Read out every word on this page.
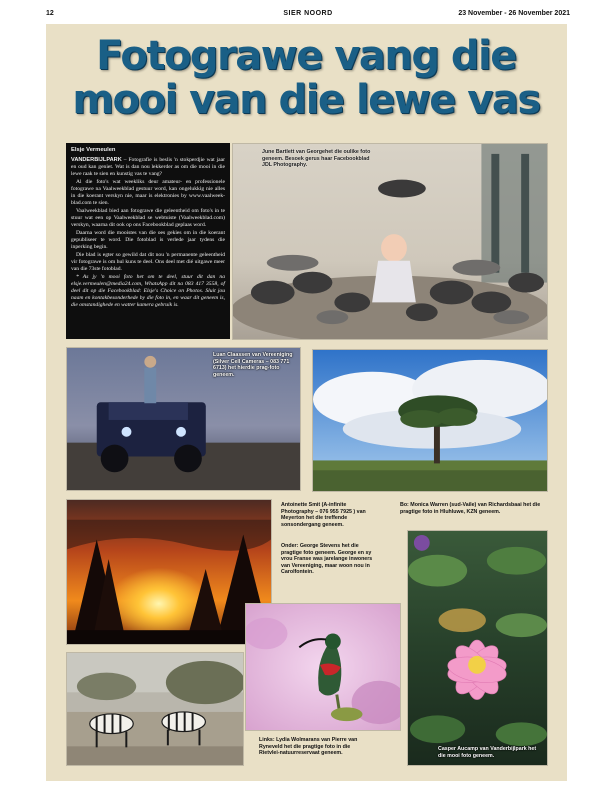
12	SIER NOORD	23 November - 26 November 2021
Fotograwe vang die
mooi van die lewe vas
Elsje Vermeulen

VANDERBIJLPARK – Fotografie is beslis 'n stokperdjie wat jaar en oud kan geniet. Wat is dan nou lekkerder as om die mooi in die lewe raak te sien en kunstig vas te vang?

Al die foto's wat weekliks deur amateur- en professionele fotograwe na Vaalweekblad gestuur word, kan ongelukkig nie alles in die koerant verskyn nie, maar is elektronies by www.vaalweek-blad.com te sien.

Vaalweekblad bied aan fotograwe die geleentheid om foto's in te stuur wat een op Vaalweekblad se webtuiste (Vaalweekblad.com) verskyn, waarna dit ook op ons Facebookblad geplaas word.

Daarna word die mooistes van die oes gekies om in die koerant gepubliseer te word. Die fotoblad is verlede jaar tydens die inperking begin.

Die blad is egter so gewild dat dit nou 'n permanente geleentheid vir fotograwe is om hul kuns te deel. Ons deel met dié uitgawe meer van die 73ste fotoblad.

* As jy 'n mooi foto het om te deel, stuur dit dan na elsje.vermeulen@media24.com, WhatsApp dit na 083 417 3558, of deel dit op die Facebookblad: Elsje's Choice on Photos. Sluit jou naam en kontakbesonderhede by die foto in, en waar dit geneem is, die omstandighede en watter kamera gebruik is.

June Bartlett van Georgehet die oulike foto geneem. Besoek gerus haar Facebookblad JDL Photography.
Luan Claassen van Vereeniging (Silver Cell Cameras – 083 771 6713) het hierdie prag-foto geneem.
Antoinette Smit (A-infinite Photography – 076 955 7925 ) van Meyerton het die treffende sonsondergang geneem.
Bo: Monica Warren (sud-Vaile) van Richardsbaai het die pragtige foto in Hluhluwe, KZN geneem.
Onder: George Stevens het die pragtige foto geneem. George en sy vrou Franse was jarelange inwoners van Vereeniging, maar woon nou in Carolfontein.
Links: Lydia Wolmarans van Pierre van Ryneveld het die pragtige foto in die Rietvlei-natuurreservaat geneem.
Casper Aucamp van Vanderbijlpark het die mooi foto geneem.
